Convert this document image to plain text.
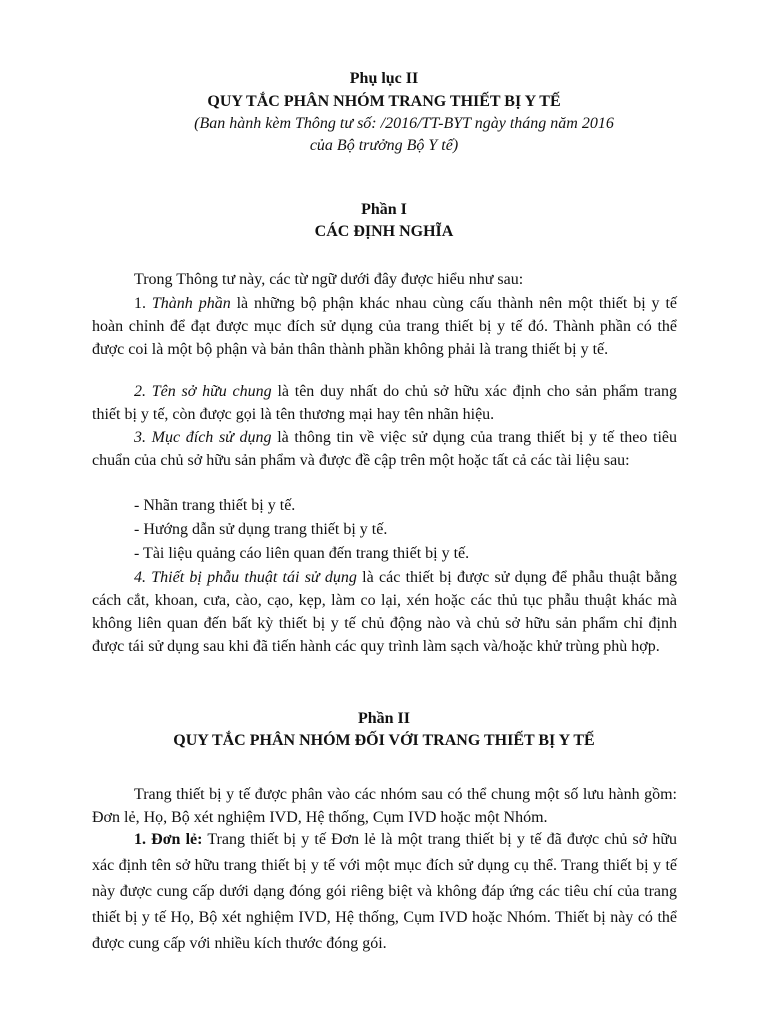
Phụ lục II

QUY TẮC PHÂN NHÓM TRANG THIẾT BỊ Y TẾ

(Ban hành kèm Thông tư số: /2016/TT-BYT ngày tháng năm 2016

của Bộ trưởng Bộ Y tế)

Phần I

CÁC ĐỊNH NGHĨA

Trong Thông tư này, các từ ngữ dưới đây được hiểu như sau:

1. Thành phần là những bộ phận khác nhau cùng cấu thành nên một thiết bị y tế hoàn chỉnh để đạt được mục đích sử dụng của trang thiết bị y tế đó. Thành phần có thể được coi là một bộ phận và bản thân thành phần không phải là trang thiết bị y tế.

2. Tên sở hữu chung là tên duy nhất do chủ sở hữu xác định cho sản phẩm trang thiết bị y tế, còn được gọi là tên thương mại hay tên nhãn hiệu.

3. Mục đích sử dụng là thông tin về việc sử dụng của trang thiết bị y tế theo tiêu chuẩn của chủ sở hữu sản phẩm và được đề cập trên một hoặc tất cả các tài liệu sau:

- Nhãn trang thiết bị y tế.

- Hướng dẫn sử dụng trang thiết bị y tế.

- Tài liệu quảng cáo liên quan đến trang thiết bị y tế.

4. Thiết bị phẫu thuật tái sử dụng là các thiết bị được sử dụng để phẫu thuật bằng cách cắt, khoan, cưa, cào, cạo, kẹp, làm co lại, xén hoặc các thủ tục phẫu thuật khác mà không liên quan đến bất kỳ thiết bị y tế chủ động nào và chủ sở hữu sản phẩm chỉ định được tái sử dụng sau khi đã tiến hành các quy trình làm sạch và/hoặc khử trùng phù hợp.

Phần II

QUY TẮC PHÂN NHÓM ĐỐI VỚI TRANG THIẾT BỊ Y TẾ

Trang thiết bị y tế được phân vào các nhóm sau có thể chung một số lưu hành gồm: Đơn lẻ, Họ, Bộ xét nghiệm IVD, Hệ thống, Cụm IVD hoặc một Nhóm.

1. Đơn lẻ: Trang thiết bị y tế Đơn lẻ là một trang thiết bị y tế đã được chủ sở hữu xác định tên sở hữu trang thiết bị y tế với một mục đích sử dụng cụ thể. Trang thiết bị y tế này được cung cấp dưới dạng đóng gói riêng biệt và không đáp ứng các tiêu chí của trang thiết bị y tế Họ, Bộ xét nghiệm IVD, Hệ thống, Cụm IVD hoặc Nhóm. Thiết bị này có thể được cung cấp với nhiều kích thước đóng gói.
